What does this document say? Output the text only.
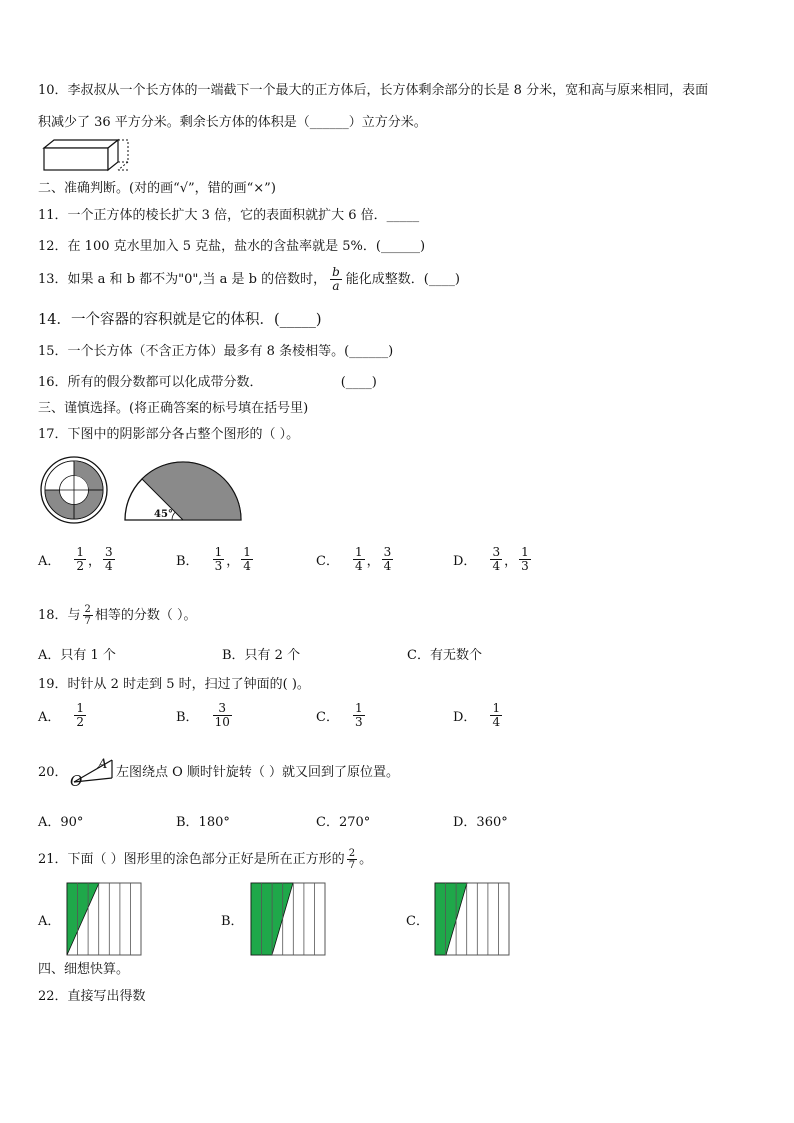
10．李叔叔从一个长方体的一端截下一个最大的正方体后，长方体剩余部分的长是 8 分米，宽和高与原来相同，表面
积减少了 36 平方分米。剩余长方体的体积是（______）立方分米。
二、准确判断。(对的画“√”，错的画“×”)
11．一个正方体的棱长扩大 3 倍，它的表面积就扩大 6 倍．_____
12．在 100 克水里加入 5 克盐，盐水的含盐率就是 5%．(______)
13．如果 a 和 b 都不为"0",当 a 是 b 的倍数时， $\frac{b}{a}$ 能化成整数．(____)
14．一个容器的容积就是它的体积．(_____)
15．一个长方体（不含正方体）最多有 8 条棱相等。(______)
16．所有的假分数都可以化成带分数．	(____)
三、谨慎选择。(将正确答案的标号填在括号里)
17．下图中的阴影部分各占整个图形的（ ）。
45°
A． $\frac{1}{2}$ ， $\frac{3}{4}$	B． $\frac{1}{3}$ ， $\frac{1}{4}$	C． $\frac{1}{4}$ ， $\frac{3}{4}$	D． $\frac{3}{4}$ ， $\frac{1}{3}$
18．与 $\frac{2}{7}$ 相等的分数（ ）。
A．只有 1 个	B．只有 2 个	C．有无数个
19．时针从 2 时走到 5 时，扫过了钟面的( )。
A． $\frac{1}{2}$	B． $\frac{3}{10}$	C． $\frac{1}{3}$	D． $\frac{1}{4}$
20． O
A
左图绕点 O 顺时针旋转（ ）就又回到了原位置。
A．90°	B．180°	C．270°	D．360°
21．下面（ ）图形里的涂色部分正好是所在正方形的 $\frac{2}{7}$ 。
A．	B．	C．
四、细想快算。
22．直接写出得数
